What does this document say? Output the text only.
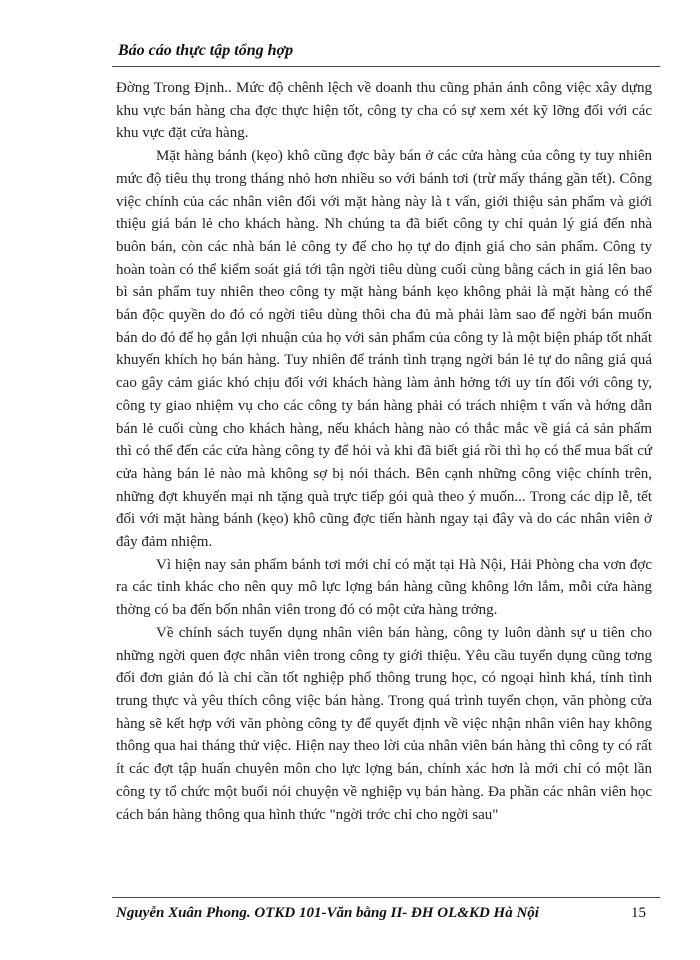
Báo cáo thực tập tổng hợp

Đờng Trong Định.. Mức độ chênh lệch về doanh thu cũng phản ánh công việc xây dựng khu vực bán hàng cha đợc thực hiện tốt, công ty cha có sự xem xét kỹ lỡng đối với các khu vực đặt cửa hàng.

Mặt hàng bánh (kẹo) khô cũng đợc bày bán ở các cửa hàng của công ty tuy nhiên mức độ tiêu thụ trong tháng nhỏ hơn nhiều so với bánh tơi (trừ mấy tháng gần tết). Công việc chính của các nhân viên đối với mặt hàng này là t vấn, giới thiệu sản phẩm và giới thiệu giá bán lẻ cho khách hàng. Nh chúng ta đã biết công ty chỉ quản lý giá đến nhà buôn bán, còn các nhà bán lẻ công ty để cho họ tự do định giá cho sản phẩm. Công ty hoàn toàn có thể kiểm soát giá tới tận ngời tiêu dùng cuối cùng bằng cách in giá lên bao bì sản phẩm tuy nhiên theo công ty mặt hàng bánh kẹo không phải là mặt hàng có thể bán độc quyền do đó có ngời tiêu dùng thôi cha đủ mà phải làm sao để ngời bán muốn bán do đó để họ gắn lợi nhuận của họ với sản phẩm của công ty là một biện pháp tốt nhất khuyến khích họ bán hàng. Tuy nhiên để tránh tình trạng ngời bán lẻ tự do nâng giá quá cao gây cảm giác khó chịu đối với khách hàng làm ảnh hởng tới uy tín đối với công ty, công ty giao nhiệm vụ cho các công ty bán hàng phải có trách nhiệm t vấn và hớng dẫn bán lẻ cuối cùng cho khách hàng, nếu khách hàng nào có thắc mắc về giá cả sản phẩm thì có thể đến các cửa hàng công ty để hỏi và khi đã biết giá rồi thì họ có thể mua bất cứ cửa hàng bán lẻ nào mà không sợ bị nói thách. Bên cạnh những công việc chính trên, những đợt khuyến mại nh tặng quà trực tiếp gói quà theo ý muốn... Trong các dịp lễ, tết đối với mặt hàng bánh (kẹo) khô cũng đợc tiến hành ngay tại đây và do các nhân viên ở đây đảm nhiệm.

Vì hiện nay sản phẩm bánh tơi mới chỉ có mặt tại Hà Nội, Hải Phòng cha vơn đợc ra các tỉnh khác cho nên quy mô lực lợng bán hàng cũng không lớn lắm, mỗi cửa hàng thờng có ba đến bốn nhân viên trong đó có một cửa hàng trởng.

Về chính sách tuyển dụng nhân viên bán hàng, công ty luôn dành sự u tiên cho những ngời quen đợc nhân viên trong công ty giới thiệu. Yêu cầu tuyển dụng cũng tơng đối đơn giản đó là chỉ cần tốt nghiệp phổ thông trung học, có ngoại hình khá, tính tình trung thực và yêu thích công việc bán hàng. Trong quá trình tuyển chọn, văn phòng cửa hàng sẽ kết hợp với văn phòng công ty để quyết định về việc nhận nhân viên hay không thông qua hai tháng thử việc. Hiện nay theo lời của nhân viên bán hàng thì công ty có rất ít các đợt tập huấn chuyên môn cho lực lợng bán, chính xác hơn là mới chỉ có một lần công ty tổ chức một buổi nói chuyện về nghiệp vụ bán hàng. Đa phần các nhân viên học cách bán hàng thông qua hình thức "ngời trớc chỉ cho ngời sau"

Nguyễn Xuân Phong. OTKD 101-Văn bằng II- ĐH OL&KD Hà Nội	15
